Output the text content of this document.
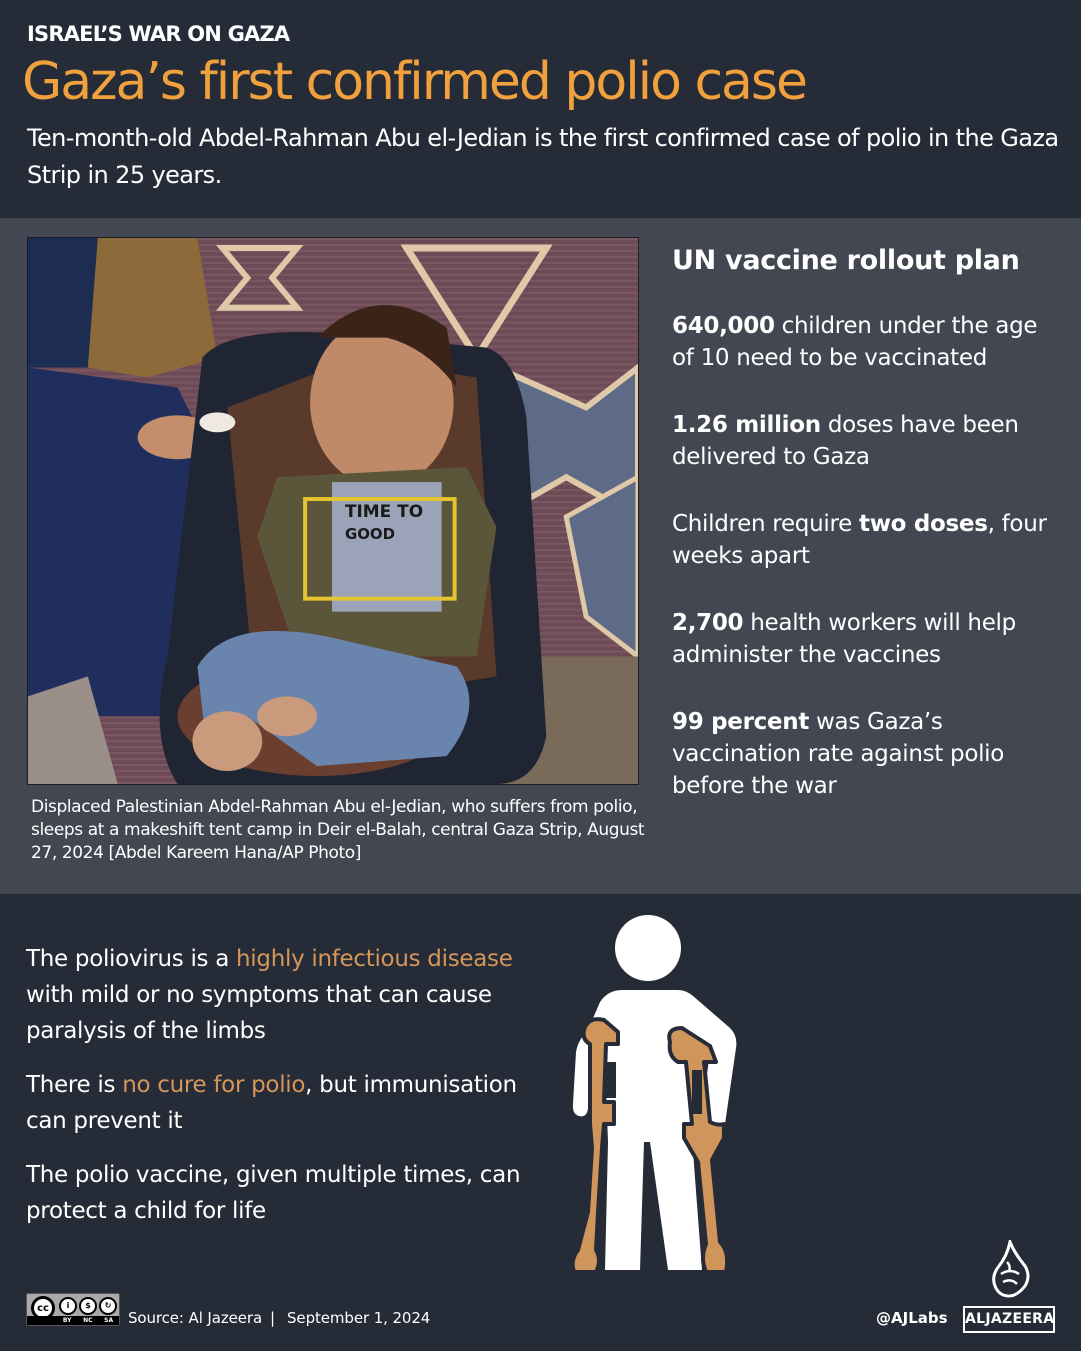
ISRAEL’S WAR ON GAZA
Gaza’s first confirmed polio case

Ten-month-old Abdel-Rahman Abu el-Jedian is the first confirmed case of polio in the Gaza Strip in 25 years.

TIME TO
GOOD

Displaced Palestinian Abdel-Rahman Abu el-Jedian, who suffers from polio, sleeps at a makeshift tent camp in Deir el-Balah, central Gaza Strip, August 27, 2024 [Abdel Kareem Hana/AP Photo]

UN vaccine rollout plan

640,000 children under the age of 10 need to be vaccinated

1.26 million doses have been delivered to Gaza

Children require two doses, four weeks apart

2,700 health workers will help administer the vaccines

99 percent was Gaza’s vaccination rate against polio before the war

The poliovirus is a highly infectious disease with mild or no symptoms that can cause paralysis of the limbs

There is no cure for polio, but immunisation can prevent it

The polio vaccine, given multiple times, can protect a child for life

cc	i	$	↻
BY NC SA Source: Al Jazeera | September 1, 2024	@AJLabs ALJAZEERA
